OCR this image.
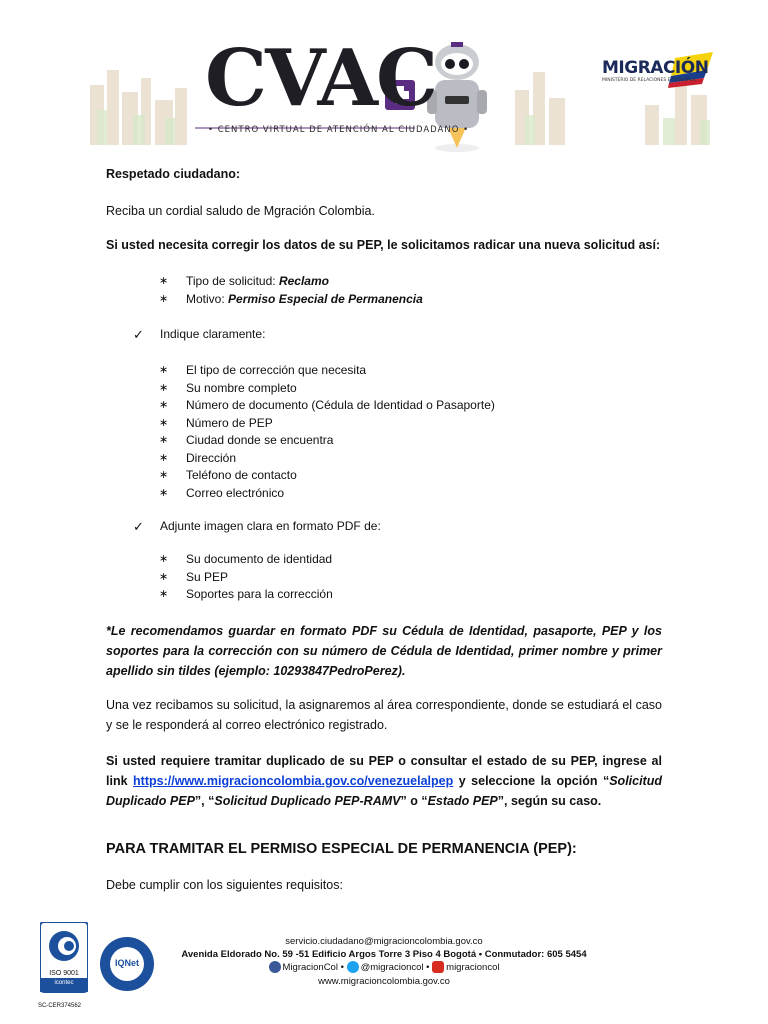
CVAC
• CENTRO VIRTUAL DE ATENCIÓN AL CIUDADANO •
MIGRACIÓN
MINISTERIO DE RELACIONES EXTERIORES
Respetado ciudadano:
Reciba un cordial saludo de Mgración Colombia.
Si usted necesita corregir los datos de su PEP, le solicitamos radicar una nueva solicitud así:
∗ Tipo de solicitud: Reclamo
∗ Motivo: Permiso Especial de Permanencia
✓ Indique claramente:
∗ El tipo de corrección que necesita
∗ Su nombre completo
∗ Número de documento (Cédula de Identidad o Pasaporte)
∗ Número de PEP
∗ Ciudad donde se encuentra
∗ Dirección
∗ Teléfono de contacto
∗ Correo electrónico
✓ Adjunte imagen clara en formato PDF de:
∗ Su documento de identidad
∗ Su PEP
∗ Soportes para la corrección
*Le recomendamos guardar en formato PDF su Cédula de Identidad, pasaporte, PEP y los soportes para la corrección con su número de Cédula de Identidad, primer nombre y primer apellido sin tildes (ejemplo: 10293847PedroPerez).
Una vez recibamos su solicitud, la asignaremos al área correspondiente, donde se estudiará el caso y se le responderá al correo electrónico registrado.
Si usted requiere tramitar duplicado de su PEP o consultar el estado de su PEP, ingrese al link https://www.migracioncolombia.gov.co/venezuelalpep y seleccione la opción “Solicitud Duplicado PEP”, “Solicitud Duplicado PEP-RAMV” o “Estado PEP”, según su caso.
PARA TRAMITAR EL PERMISO ESPECIAL DE PERMANENCIA (PEP):
Debe cumplir con los siguientes requisitos:
ISO 9001
icontec
SC-CER374562
IQNet
servicio.ciudadano@migracioncolombia.gov.co
Avenida Eldorado No. 59 -51 Edificio Argos Torre 3 Piso 4 Bogotá • Conmutador: 605 5454
MigracionCol • @migracioncol • migracioncol
www.migracioncolombia.gov.co
